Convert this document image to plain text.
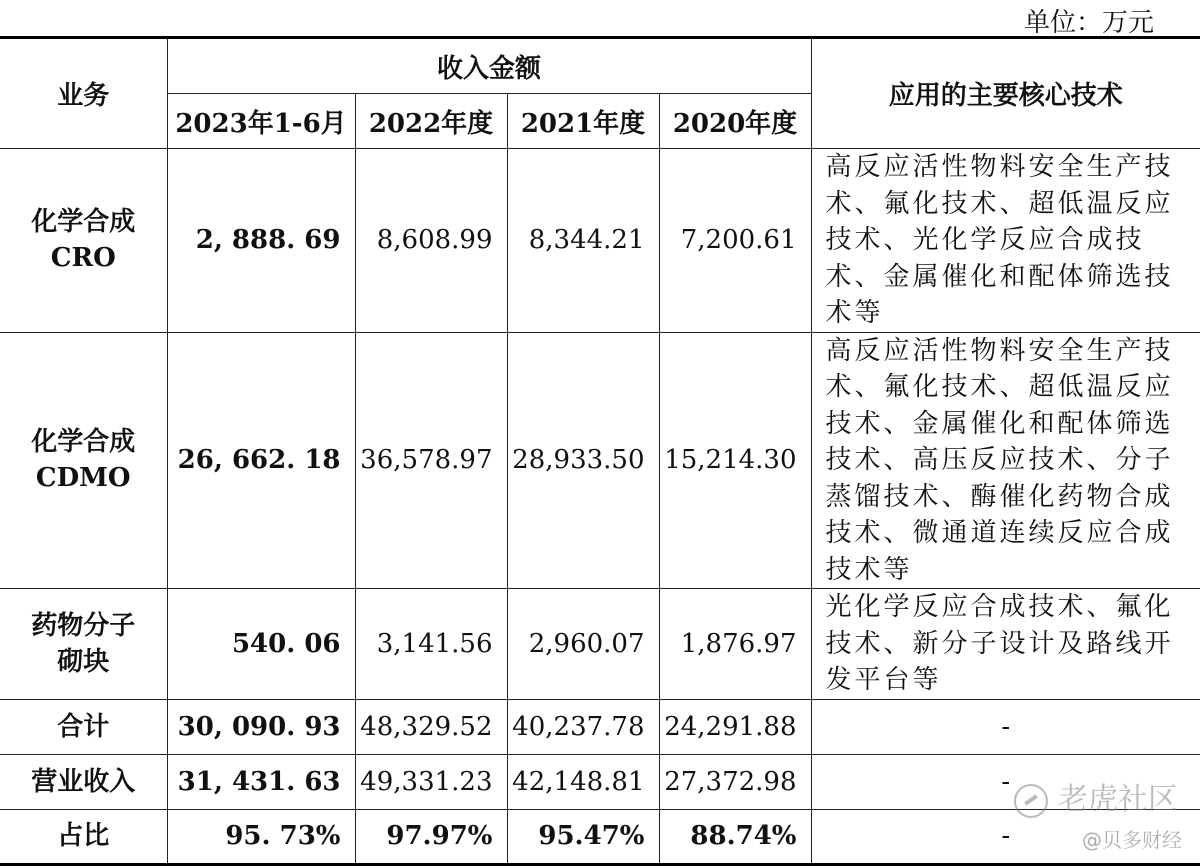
单位：万元
业务	收入金额				应用的主要核心技术
	2023年1-6月	2022年度	2021年度	2020年度	

化学合成
CRO	2, 888. 69	8,608.99	8,344.21	7,200.61	高反应活性物料安全生产技术、氟化技术、超低温反应技术、光化学反应合成技术、金属催化和配体筛选技术等

化学合成
CDMO	26, 662. 18	36,578.97	28,933.50	15,214.30	高反应活性物料安全生产技术、氟化技术、超低温反应技术、金属催化和配体筛选技术、高压反应技术、分子蒸馏技术、酶催化药物合成技术、微通道连续反应合成技术等

药物分子
砌块	540. 06	3,141.56	2,960.07	1,876.97	光化学反应合成技术、氟化技术、新分子设计及路线开发平台等
合计	30, 090. 93	48,329.52	40,237.78	24,291.88	-
营业收入	31, 431. 63	49,331.23	42,148.81	27,372.98	-
占比	95. 73%	97.97%	95.47%	88.74%	-
老虎社区
@贝多财经
